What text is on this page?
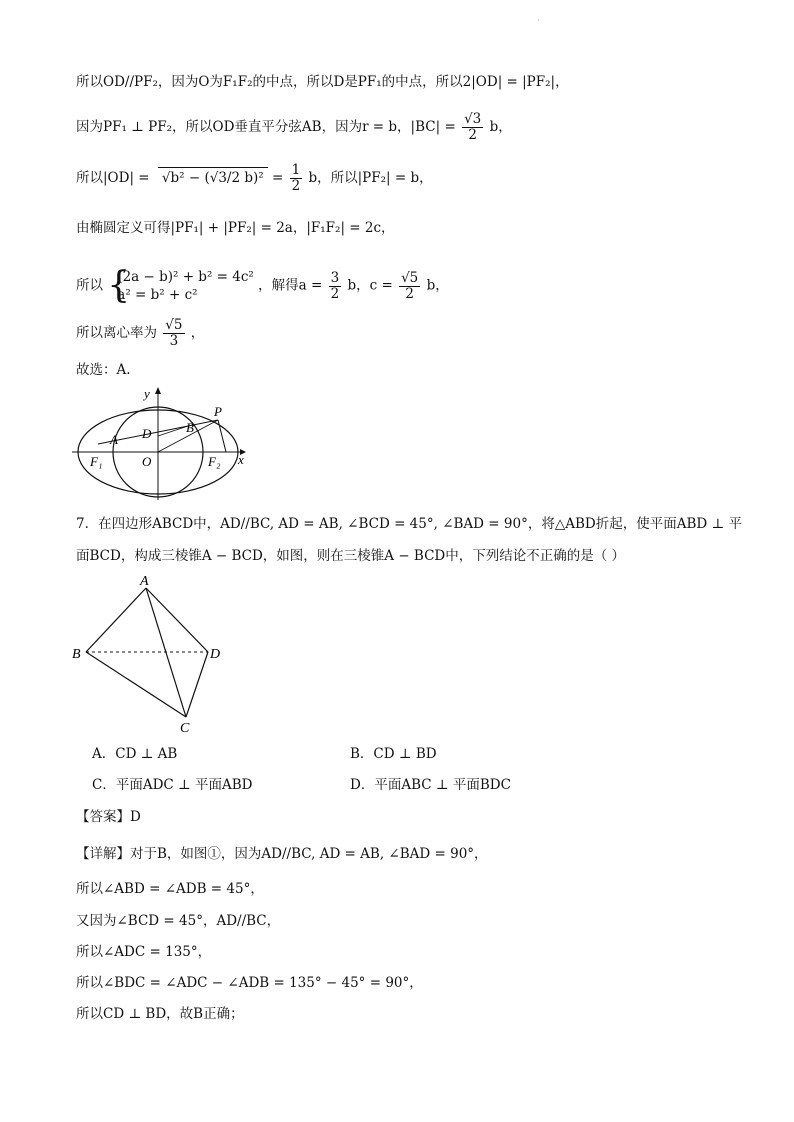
·
所以OD//PF₂，因为O为F₁F₂的中点，所以D是PF₁的中点，所以2|OD| = |PF₂|，
因为PF₁ ⊥ PF₂，所以OD垂直平分弦AB，因为r = b，$|BC| = \frac{√3}{2}$ b，
所以|OD| = √b² − (√3/2 $b)^2 = \frac{1}{2}$ b，所以|PF₂| = b，
由椭圆定义可得|PF₁| + |PF₂| = 2a，|F₁F₂| = 2c，
所以 {
(2a − b)² + b² = 4c²
a² = b² + c²
，解得$a = \frac{3}{2}$ b，$c = \frac{√5}{2}$ b，
所以离心率为 $\frac{√5}{3}$ ，
故选：A.
y
x
A D	B
P
O
F₁	F₂
7．在四边形ABCD中，AD//BC, AD = AB, ∠BCD = 45°, ∠BAD = 90°，将△ABD折起，使平面ABD ⊥ 平
面BCD，构成三棱锥A − BCD，如图，则在三棱锥A − BCD中，下列结论不正确的是（ ）
A
B	D
C
A．CD ⊥ AB	B．CD ⊥ BD
C．平面ADC ⊥ 平面ABD	D．平面ABC ⊥ 平面BDC
【答案】D
【详解】对于B，如图①，因为AD//BC, AD = AB, ∠BAD = 90°，
所以∠ABD = ∠ADB = 45°，
又因为∠BCD = 45°，AD//BC，
所以∠ADC = 135°，
所以∠BDC = ∠ADC − ∠ADB = 135° − 45° = 90°，
所以CD ⊥ BD，故B正确；
